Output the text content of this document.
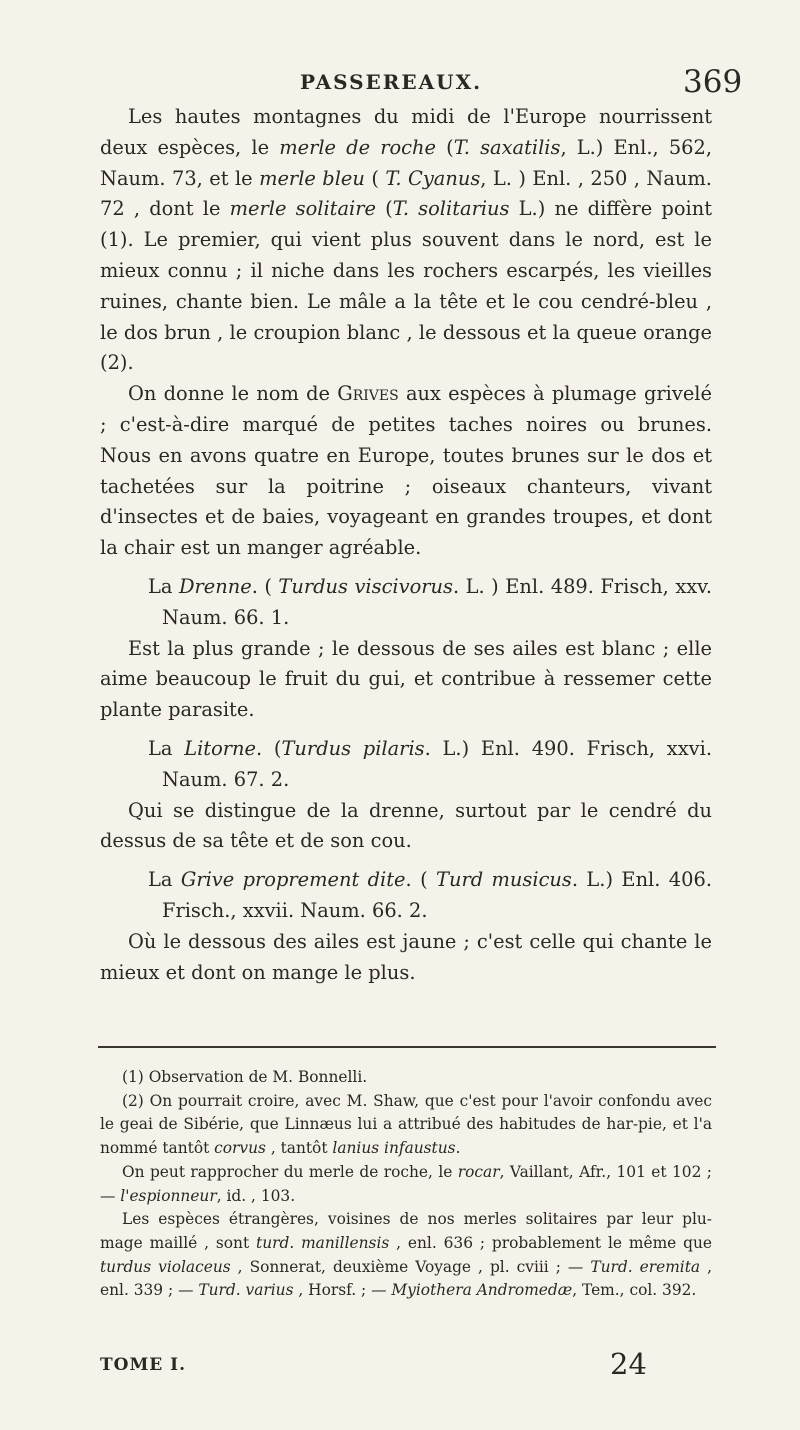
PASSEREAUX.	369

Les hautes montagnes du midi de l'Europe nourrissent deux espèces, le merle de roche (T. saxatilis, L.) Enl., 562, Naum. 73, et le merle bleu ( T. Cyanus, L. ) Enl. , 250 , Naum. 72 , dont le merle solitaire (T. solitarius L.) ne diffère point (1). Le premier, qui vient plus souvent dans le nord, est le mieux connu ; il niche dans les rochers escarpés, les vieilles ruines, chante bien. Le mâle a la tête et le cou cendré-bleu , le dos brun , le croupion blanc , le dessous et la queue orange (2).

On donne le nom de Grives aux espèces à plumage grivelé ; c'est-à-dire marqué de petites taches noires ou brunes. Nous en avons quatre en Europe, toutes brunes sur le dos et tachetées sur la poitrine ; oiseaux chanteurs, vivant d'insectes et de baies, voyageant en grandes troupes, et dont la chair est un manger agréable.

La Drenne. ( Turdus viscivorus. L. ) Enl. 489. Frisch, xxv. Naum. 66. 1.

Est la plus grande ; le dessous de ses ailes est blanc ; elle aime beaucoup le fruit du gui, et contribue à ressemer cette plante parasite.

La Litorne. (Turdus pilaris. L.) Enl. 490. Frisch, xxvi. Naum. 67. 2.

Qui se distingue de la drenne, surtout par le cendré du dessus de sa tête et de son cou.

La Grive proprement dite. ( Turd musicus. L.) Enl. 406. Frisch., xxvii. Naum. 66. 2.

Où le dessous des ailes est jaune ; c'est celle qui chante le mieux et dont on mange le plus.

(1) Observation de M. Bonnelli.

(2) On pourrait croire, avec M. Shaw, que c'est pour l'avoir confondu avec le geai de Sibérie, que Linnæus lui a attribué des habitudes de har-pie, et l'a nommé tantôt corvus , tantôt lanius infaustus.

On peut rapprocher du merle de roche, le rocar, Vaillant, Afr., 101 et 102 ; — l'espionneur, id. , 103.

Les espèces étrangères, voisines de nos merles solitaires par leur plu-mage maillé , sont turd. manillensis , enl. 636 ; probablement le même que turdus violaceus , Sonnerat, deuxième Voyage , pl. cviii ; — Turd. eremita , enl. 339 ; — Turd. varius , Horsf. ; — Myiothera Andromedæ, Tem., col. 392.

TOME I.	24
